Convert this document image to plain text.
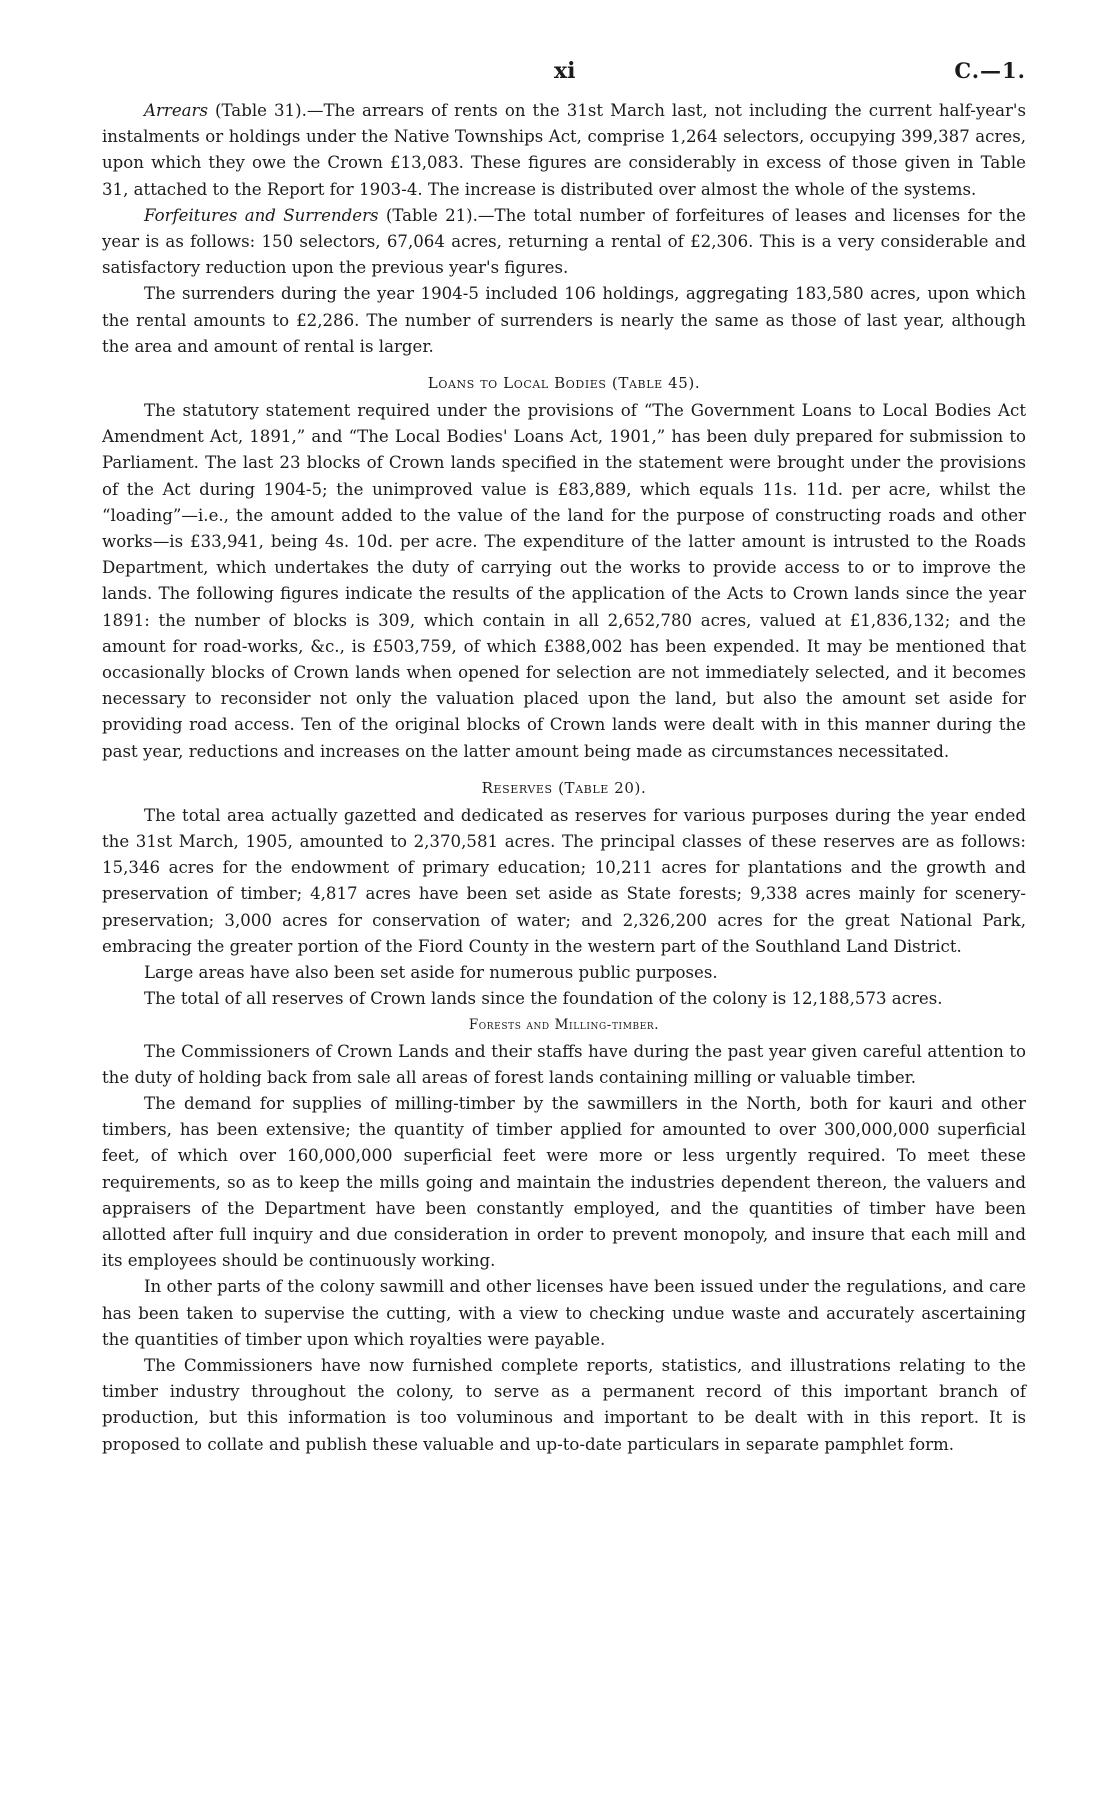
xi	C.—1.

Arrears (Table 31).—The arrears of rents on the 31st March last, not including the current half-year's instalments or holdings under the Native Townships Act, comprise 1,264 selectors, occupying 399,387 acres, upon which they owe the Crown £13,083. These figures are considerably in excess of those given in Table 31, attached to the Report for 1903-4. The increase is distributed over almost the whole of the systems.

Forfeitures and Surrenders (Table 21).—The total number of forfeitures of leases and licenses for the year is as follows: 150 selectors, 67,064 acres, returning a rental of £2,306. This is a very considerable and satisfactory reduction upon the previous year's figures.

The surrenders during the year 1904-5 included 106 holdings, aggregating 183,580 acres, upon which the rental amounts to £2,286. The number of surrenders is nearly the same as those of last year, although the area and amount of rental is larger.

Loans to Local Bodies (Table 45).

The statutory statement required under the provisions of “The Government Loans to Local Bodies Act Amendment Act, 1891,” and “The Local Bodies' Loans Act, 1901,” has been duly prepared for submission to Parliament. The last 23 blocks of Crown lands specified in the statement were brought under the provisions of the Act during 1904-5; the unimproved value is £83,889, which equals 11s. 11d. per acre, whilst the “loading”—i.e., the amount added to the value of the land for the purpose of constructing roads and other works—is £33,941, being 4s. 10d. per acre. The expenditure of the latter amount is intrusted to the Roads Department, which undertakes the duty of carrying out the works to provide access to or to improve the lands. The following figures indicate the results of the application of the Acts to Crown lands since the year 1891: the number of blocks is 309, which contain in all 2,652,780 acres, valued at £1,836,132; and the amount for road-works, &c., is £503,759, of which £388,002 has been expended. It may be mentioned that occasionally blocks of Crown lands when opened for selection are not immediately selected, and it becomes necessary to reconsider not only the valuation placed upon the land, but also the amount set aside for providing road access. Ten of the original blocks of Crown lands were dealt with in this manner during the past year, reductions and increases on the latter amount being made as circumstances necessitated.

Reserves (Table 20).

The total area actually gazetted and dedicated as reserves for various purposes during the year ended the 31st March, 1905, amounted to 2,370,581 acres. The principal classes of these reserves are as follows: 15,346 acres for the endowment of primary education; 10,211 acres for plantations and the growth and preservation of timber; 4,817 acres have been set aside as State forests; 9,338 acres mainly for scenery-preservation; 3,000 acres for conservation of water; and 2,326,200 acres for the great National Park, embracing the greater portion of the Fiord County in the western part of the Southland Land District.

Large areas have also been set aside for numerous public purposes.

The total of all reserves of Crown lands since the foundation of the colony is 12,188,573 acres.

Forests and Milling-timber.

The Commissioners of Crown Lands and their staffs have during the past year given careful attention to the duty of holding back from sale all areas of forest lands containing milling or valuable timber.

The demand for supplies of milling-timber by the sawmillers in the North, both for kauri and other timbers, has been extensive; the quantity of timber applied for amounted to over 300,000,000 superficial feet, of which over 160,000,000 superficial feet were more or less urgently required. To meet these requirements, so as to keep the mills going and maintain the industries dependent thereon, the valuers and appraisers of the Department have been constantly employed, and the quantities of timber have been allotted after full inquiry and due consideration in order to prevent monopoly, and insure that each mill and its employees should be continuously working.

In other parts of the colony sawmill and other licenses have been issued under the regulations, and care has been taken to supervise the cutting, with a view to checking undue waste and accurately ascertaining the quantities of timber upon which royalties were payable.

The Commissioners have now furnished complete reports, statistics, and illustrations relating to the timber industry throughout the colony, to serve as a permanent record of this important branch of production, but this information is too voluminous and important to be dealt with in this report. It is proposed to collate and publish these valuable and up-to-date particulars in separate pamphlet form.
